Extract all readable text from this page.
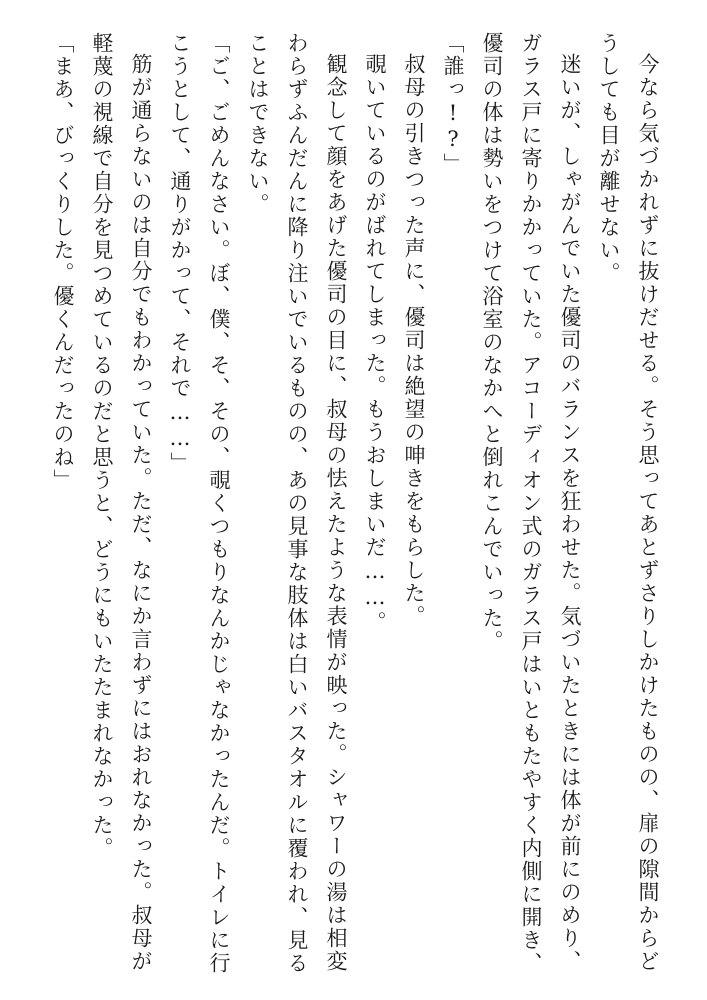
今なら気づかれずに抜けだせる。そう思ってあとずさりしかけたものの、扉の隙間からどうしても目が離せない。

迷いが、しゃがんでいた優司のバランスを狂わせた。気づいたときには体が前にのめり、ガラス戸に寄りかかっていた。アコーディオン式のガラス戸はいともたやすく内側に開き、優司の体は勢いをつけて浴室のなかへと倒れこんでいった。

「誰っ!?」

叔母の引きつった声に、優司は絶望の呻きをもらした。

覗いているのがばれてしまった。もうおしまいだ……。

観念して顔をあげた優司の目に、叔母の怯えたような表情が映った。シャワーの湯は相変わらずふんだんに降り注いでいるものの、あの見事な肢体は白いバスタオルに覆われ、見ることはできない。

「ご、ごめんなさい。ぼ、僕、そ、その、覗くつもりなんかじゃなかったんだ。トイレに行こうとして、通りがかって、それで……」

筋が通らないのは自分でもわかっていた。ただ、なにか言わずにはおれなかった。叔母が軽蔑の視線で自分を見つめているのだと思うと、どうにもいたたまれなかった。

「まあ、びっくりした。優くんだったのね」
